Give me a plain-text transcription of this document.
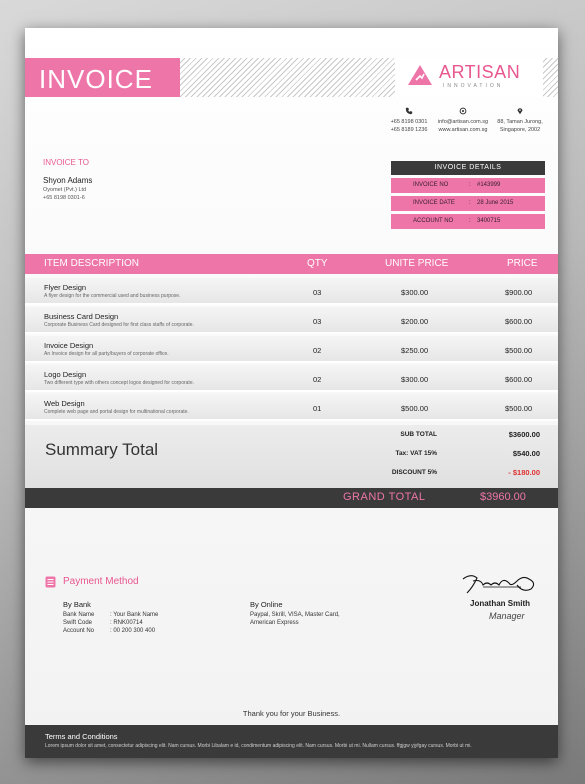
INVOICE	ARTISAN
INNOVATION
+65 8198 0301
+65 8189 1236
info@artisan.com.sg
www.artisan.com.sg
88, Taman Jurong,
Singapore, 2002
INVOICE TO
Shyon Adams
Oyomet (Pvt.) Ltd
+65 8198 0301-6
INVOICE DETAILS
INVOICE NO	: #143999
INVOICE DATE : 28 June 2015
ACCOUNT NO	: 3400715
ITEM DESCRIPTION	QTY	UNITE PRICE	PRICE
Flyer Design
A flyer design for the commercial used and business purpose.	03	$300.00	$900.00
Business Card Design
Corporate Business Card designed for first class staffs of corporate.	03	$200.00	$600.00
Invoice Design
An Invoice design for all party/buyers of corporate office.	02	$250.00	$500.00
Logo Design
Two different type with others concept logos designed for corporate.	02	$300.00	$600.00
Web Design
Complete web page and portal design for multinational corporate.	01	$500.00	$500.00
Summary Total
SUB TOTAL	$3600.00
Tax: VAT 15%	$540.00
DISCOUNT 5%	- $180.00
GRAND TOTAL	$3960.00
Payment Method
By Bank
Bank Name	: Your Bank Name
Swift Code	: RNK00714
Account No	: 00 200 300 400
By Online
Paypal, Skrill, VISA, Master Card,
American Express
Jonathan Smith
Manager
Thank you for your Business.
Terms and Conditions
Lorem ipsum dolor sit amet, consectetur adipiscing elit. Nam cursus. Morbi Libalam e id, condimentum adipiscing elit. Nam cursus. Morbi ut mi. Nullam cursus. ffgjgw yjyfgay cursus. Morbi ut mi.
